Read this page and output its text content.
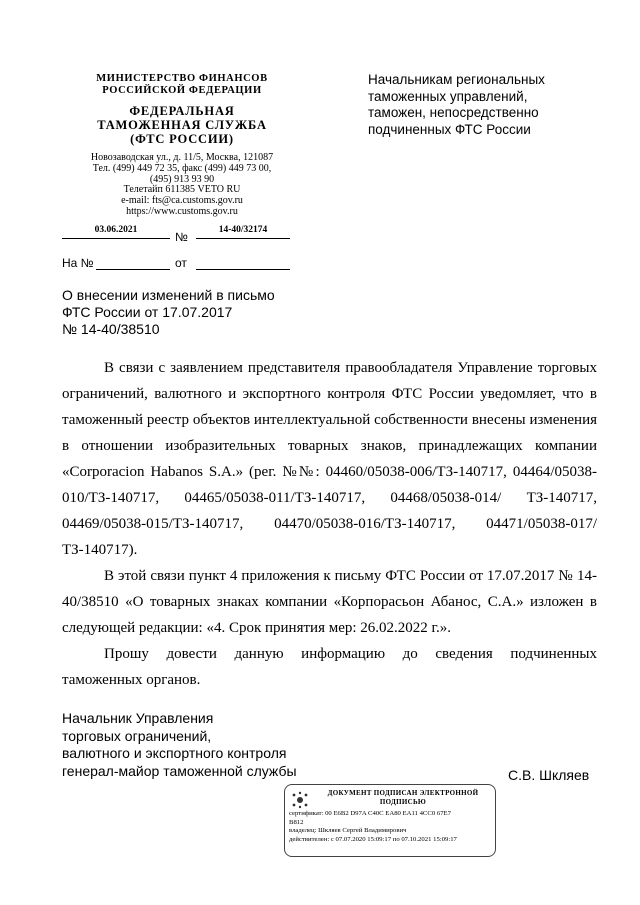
МИНИСТЕРСТВО ФИНАНСОВ
РОССИЙСКОЙ ФЕДЕРАЦИИ
ФЕДЕРАЛЬНАЯ
ТАМОЖЕННАЯ СЛУЖБА
(ФТС РОССИИ)
Новозаводская ул., д. 11/5, Москва, 121087
Тел. (499) 449 72 35, факс (499) 449 73 00,
(495) 913 93 90
Телетайп 611385 VETO RU
e-mail: fts@ca.customs.gov.ru
https://www.customs.gov.ru
03.06.2021	№	14-40/32174
На №	от
Начальникам региональных
таможенных управлений,
таможен, непосредственно
подчиненных ФТС России
О внесении изменений в письмо
ФТС России от 17.07.2017
№ 14-40/38510
В связи с заявлением представителя правообладателя Управление торговых ограничений, валютного и экспортного контроля ФТС России уведомляет, что в таможенный реестр объектов интеллектуальной собственности внесены изменения в отношении изобразительных товарных знаков, принадлежащих компании «Corporacion Habanos S.A.» (рег. №№: 04460/05038-006/ТЗ-140717, 04464/05038-010/ТЗ-140717, 04465/05038-011/ТЗ-140717, 04468/05038-014/ ТЗ-140717, 04469/05038-015/ТЗ-140717, 04470/05038-016/ТЗ-140717, 04471/05038-017/ТЗ-140717).
В этой связи пункт 4 приложения к письму ФТС России от 17.07.2017 № 14-40/38510 «О товарных знаках компании «Корпорасьон Абанос, С.А.» изложен в следующей редакции: «4. Срок принятия мер: 26.02.2022 г.».
Прошу довести данную информацию до сведения подчиненных таможенных органов.
Начальник Управления
торговых ограничений,
валютного и экспортного контроля
генерал-майор таможенной службы	С.В. Шкляев
ДОКУМЕНТ ПОДПИСАН ЭЛЕКТРОННОЙ
ПОДПИСЬЮ
сертификат: 00 E6B2 D97A C40C EA80 EA11 4CC0 67E7
B812
владелец: Шкляев Сергей Владимирович
действителен: с 07.07.2020 15:09:17 по 07.10.2021 15:09:17
